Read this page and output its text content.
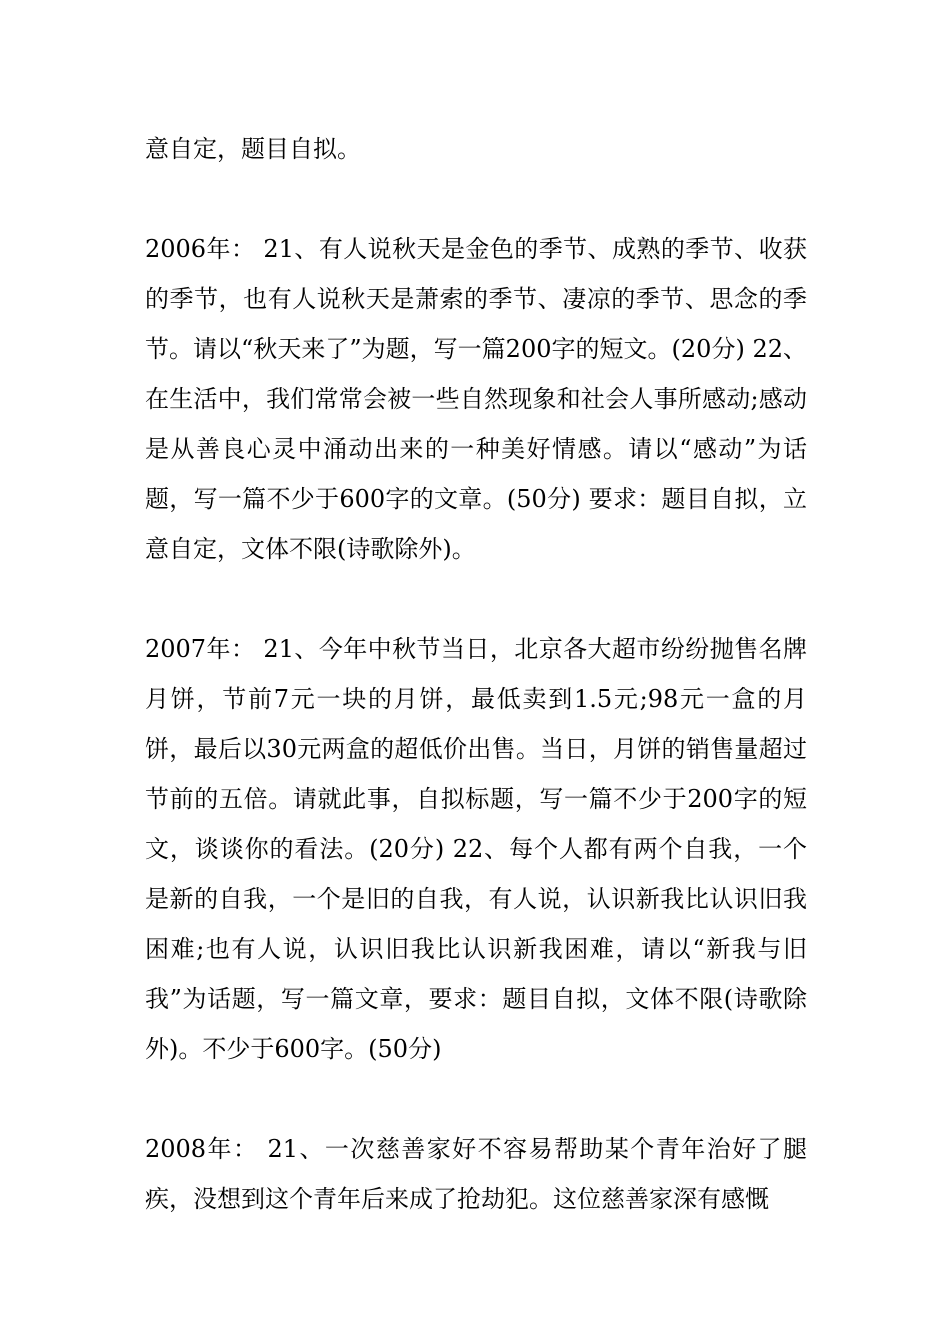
意自定，题目自拟。

2006年： 21、有人说秋天是金色的季节、成熟的季节、收获的季节，也有人说秋天是萧索的季节、凄凉的季节、思念的季节。请以“秋天来了”为题，写一篇200字的短文。(20分) 22、在生活中，我们常常会被一些自然现象和社会人事所感动;感动是从善良心灵中涌动出来的一种美好情感。请以“感动”为话题，写一篇不少于600字的文章。(50分) 要求：题目自拟，立意自定，文体不限(诗歌除外)。

2007年： 21、今年中秋节当日，北京各大超市纷纷抛售名牌月饼，节前7元一块的月饼，最低卖到1.5元;98元一盒的月饼，最后以30元两盒的超低价出售。当日，月饼的销售量超过节前的五倍。请就此事，自拟标题，写一篇不少于200字的短文，谈谈你的看法。(20分) 22、每个人都有两个自我，一个是新的自我，一个是旧的自我，有人说，认识新我比认识旧我困难;也有人说，认识旧我比认识新我困难，请以“新我与旧我”为话题，写一篇文章，要求：题目自拟，文体不限(诗歌除外)。不少于600字。(50分)

2008年： 21、一次慈善家好不容易帮助某个青年治好了腿疾，没想到这个青年后来成了抢劫犯。这位慈善家深有感慨
